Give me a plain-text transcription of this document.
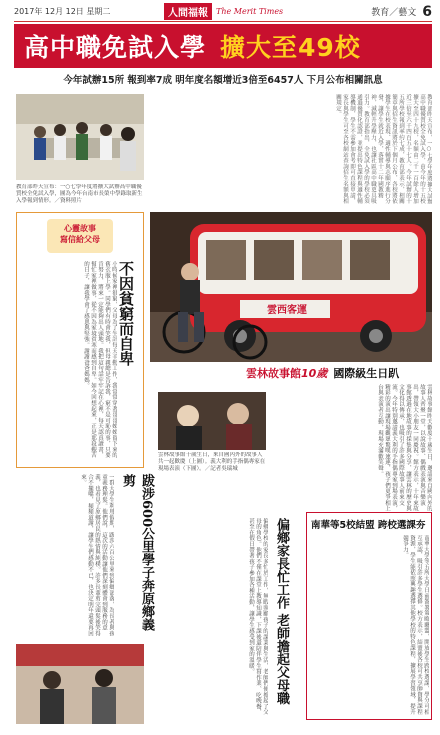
2017年 12月 12日 星期二	人間福報	The Merit Times	教育／藝文 6
高中職免試入學 擴大至49校
今年試辦15所 報到率7成 明年度名額增近3倍至6457人 下月公布相關訊息
教育部昨天宣布：一○七學年度將擴大試辦高中職優質校全免試入學，圖為今年台南市長榮中學錄取新生入學報到情形。／資料照片	教育部昨天宣布，一○七學年度將擴大試辦高中職優質校全免試入學，由今年的十五校擴大至四十九校，名額由二千一百餘人增加近三倍至六千四百五十七人。今年試辦的十五所學校報到率約七成，教育部表示，相關簡章與招生資訊將於下個月公布，各校將依據學生在校表現、適性輔導與志願序進行分發，讓學生就近入學，落實十二年國教精神，減輕升學壓力，也讓社區高中職更具吸引力。教育部指出，全免試入學的學校必須通過優質化認證，並提出特色課程與適性輔導機制，學生不需參加會考即可直接申請，家長與學生可至各校網站查詢招生名額與相關規定。
心靈故事
寫信給父母
不因貧窮而自卑
小時候家裡很窮，父母為了生計每天辛勤工作，我常常穿著哥哥姊姊留下來的舊衣服上學。同學們有時會笑我，但母親總是告訴我，窮不是可恥的事，只要肯努力，將來一定能夠出人頭地。我把這句話牢牢記在心裡，每天認真讀書，幫忙家裡做事，從不因為家境貧寒而感到自卑。如今回想起來，正是那段艱苦的日子，讓我學會了感恩與堅強。謝謝爸爸媽媽。	雲西客運
雲林故事館10歲 國際級生日趴
雲林故事館昨天歡度十歲生日，邀請來自國內外的故事人齊聚一堂，以說故事、偶戲表演與音樂演出，帶領大小朋友一同慶祝。館方表示，十年來故事館透過在地故事的採集與分享，讓雲林的歷史與文化得以傳承，也吸引了許多國際故事人前來交流。今年特別邀請義大利的手指偶專家到場表演，精彩的演出讓現場觀眾驚嘆連連，孩子們更爭相上台與表演者互動，現場充滿歡笑聲。
雲林故事館十歲生日，來自國內外的故事人共一起歡慶（上圖）。義大利的手指偶專家在現場表演（下圖）。／記者吳瑞城
跋涉600公里學子奔原鄉義剪
一群大學生利用假期，跋涉六百公里來到偏鄉部落，為長者與孩童義務理髮。他們說，這次的活動讓他們深刻體會到服務的意義，也看見了原鄉居民的熱情與純樸。許多長輩剪完頭髮後笑得合不攏嘴，頻頻道謝，讓學生們感動不已，也決定明年還要再回來。
偏鄉家長忙工作 老師擔起父母職
偏鄉學校的家長多忙於工作，無暇照顧孩子的課業與生活，老師們便擔起了父母的角色。他們不僅在課堂上教導知識，下課後還陪伴學生寫作業、吃晚餐，甚至在假日帶著孩子參加各種活動，讓學生感受到家的溫暖。	南華等5校結盟 跨校選課夯
南華大學等五所大學日前簽署策略聯盟，開放學生跨校選課，學分可相互承認，吸引許多學生選修。校方表示，結盟後各校可共享師資與課程資源，學生能依照興趣選擇其他學校的特色課程，擴展學習領域，提升競爭力。
